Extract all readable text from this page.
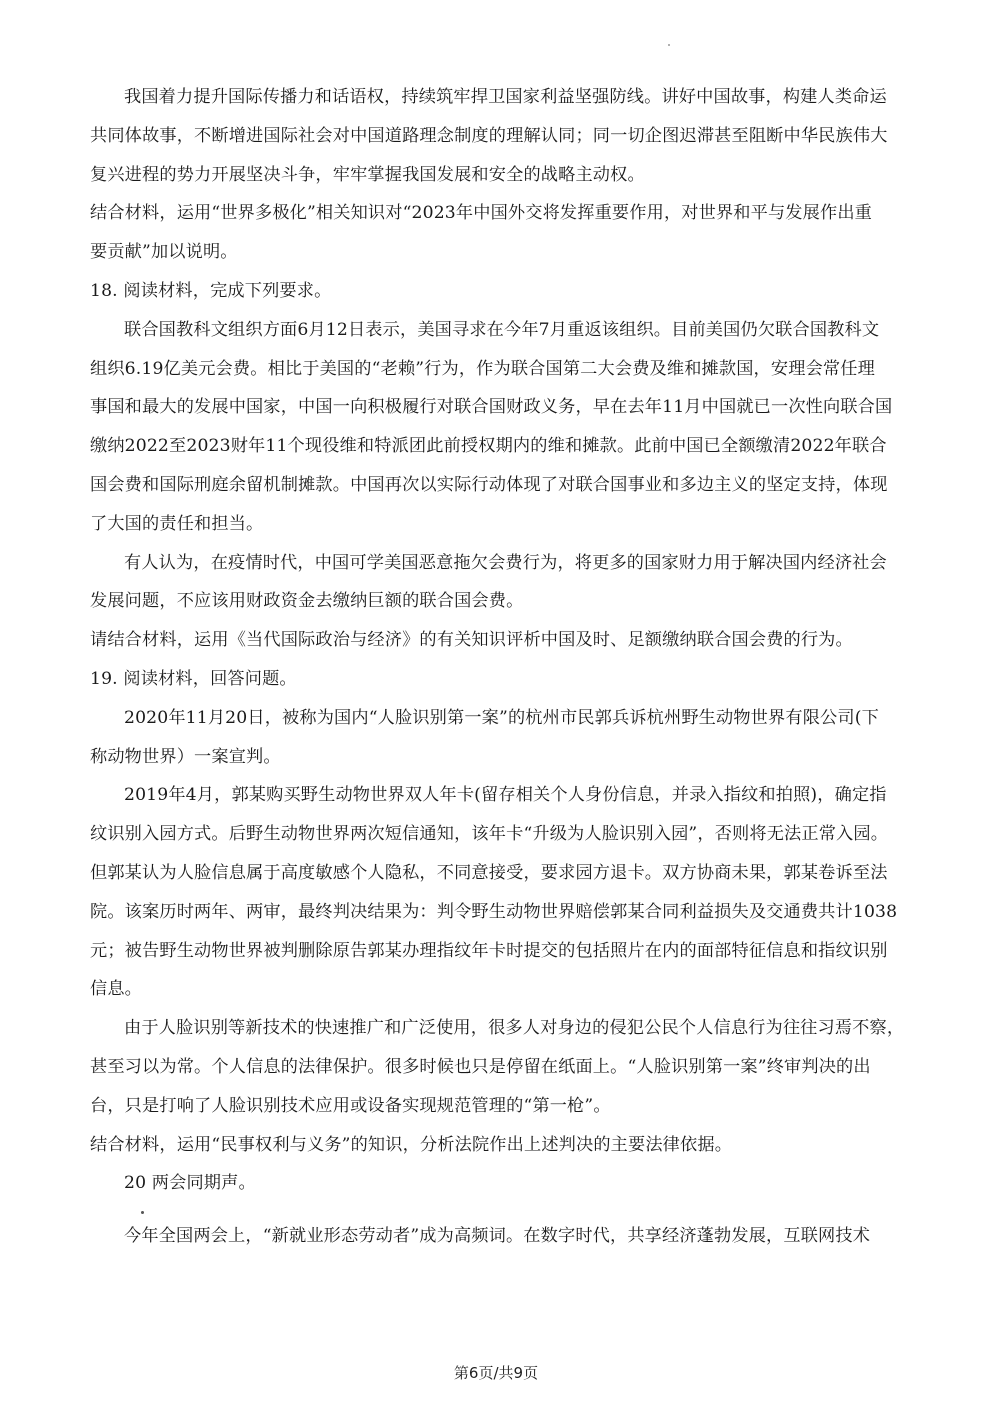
我国着力提升国际传播力和话语权，持续筑牢捍卫国家利益坚强防线。讲好中国故事，构建人类命运
共同体故事，不断增进国际社会对中国道路理念制度的理解认同；同一切企图迟滞甚至阻断中华民族伟大
复兴进程的势力开展坚决斗争，牢牢掌握我国发展和安全的战略主动权。
结合材料，运用“世界多极化”相关知识对“2023年中国外交将发挥重要作用，对世界和平与发展作出重
要贡献”加以说明。
18. 阅读材料，完成下列要求。
联合国教科文组织方面6月12日表示，美国寻求在今年7月重返该组织。目前美国仍欠联合国教科文
组织6.19亿美元会费。相比于美国的“老赖”行为，作为联合国第二大会费及维和摊款国，安理会常任理
事国和最大的发展中国家，中国一向积极履行对联合国财政义务，早在去年11月中国就已一次性向联合国
缴纳2022至2023财年11个现役维和特派团此前授权期内的维和摊款。此前中国已全额缴清2022年联合
国会费和国际刑庭余留机制摊款。中国再次以实际行动体现了对联合国事业和多边主义的坚定支持，体现
了大国的责任和担当。
有人认为，在疫情时代，中国可学美国恶意拖欠会费行为，将更多的国家财力用于解决国内经济社会
发展问题，不应该用财政资金去缴纳巨额的联合国会费。
请结合材料，运用《当代国际政治与经济》的有关知识评析中国及时、足额缴纳联合国会费的行为。
19. 阅读材料，回答问题。
2020年11月20日，被称为国内“人脸识别第一案”的杭州市民郭兵诉杭州野生动物世界有限公司(下
称动物世界）一案宣判。
2019年4月，郭某购买野生动物世界双人年卡(留存相关个人身份信息，并录入指纹和拍照)，确定指
纹识别入园方式。后野生动物世界两次短信通知，该年卡“升级为人脸识别入园”，否则将无法正常入园。
但郭某认为人脸信息属于高度敏感个人隐私，不同意接受，要求园方退卡。双方协商未果，郭某卷诉至法
院。该案历时两年、两审，最终判决结果为：判令野生动物世界赔偿郭某合同利益损失及交通费共计1038
元；被告野生动物世界被判删除原告郭某办理指纹年卡时提交的包括照片在内的面部特征信息和指纹识别
信息。
由于人脸识别等新技术的快速推广和广泛使用，很多人对身边的侵犯公民个人信息行为往往习焉不察，
甚至习以为常。个人信息的法律保护。很多时候也只是停留在纸面上。“人脸识别第一案”终审判决的出
台，只是打响了人脸识别技术应用或设备实现规范管理的“第一枪”。
结合材料，运用“民事权利与义务”的知识，分析法院作出上述判决的主要法律依据。
20 两会同期声。
今年全国两会上，“新就业形态劳动者”成为高频词。在数字时代，共享经济蓬勃发展，互联网技术
第6页/共9页
